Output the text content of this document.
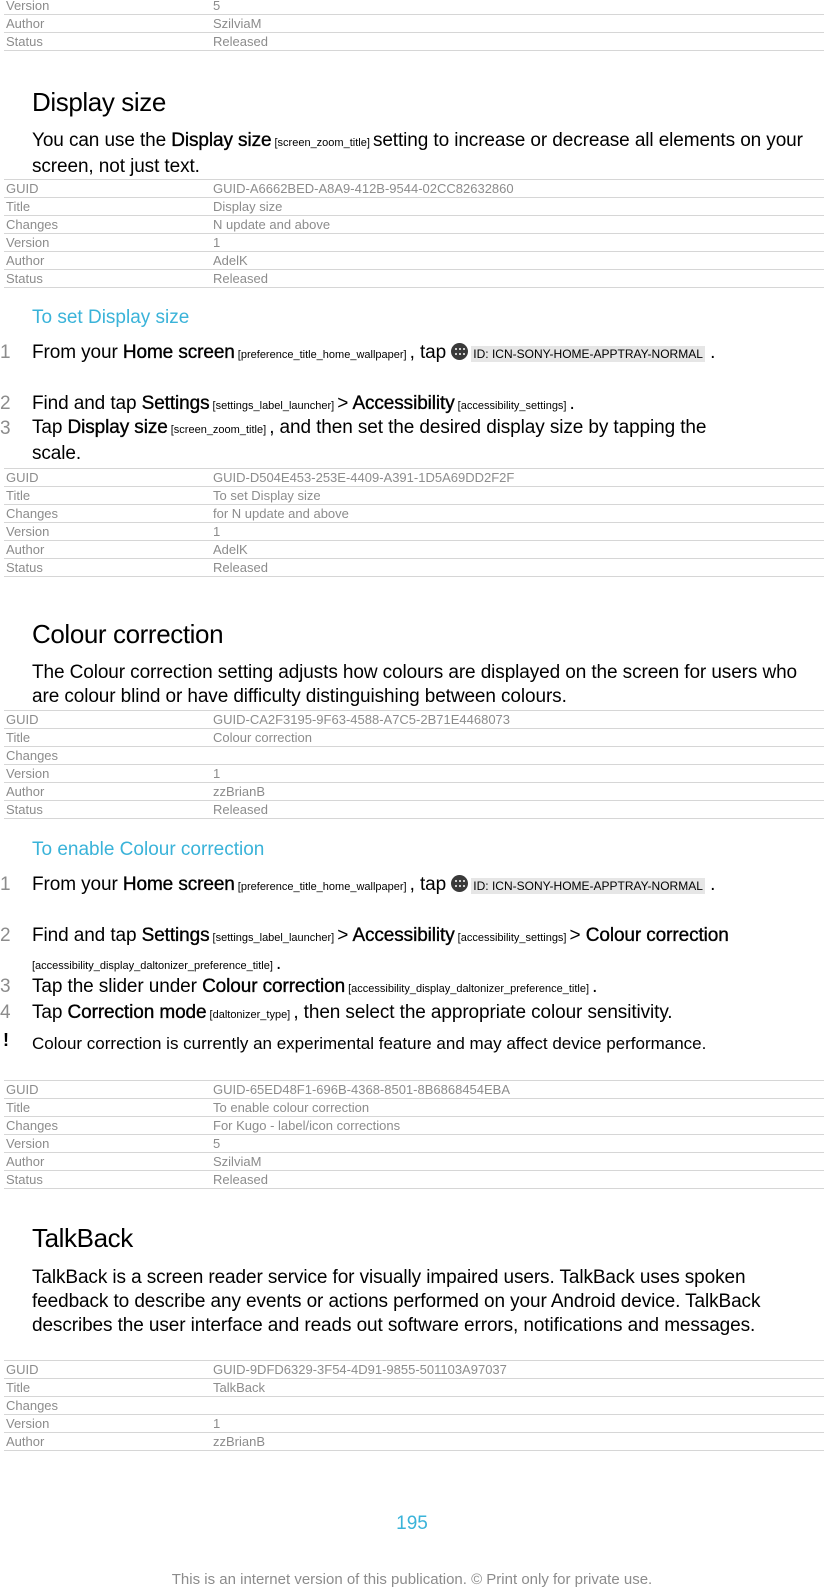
Version	5
Author	SzilviaM
Status	Released
Display size

You can use the Display size [screen_zoom_title] setting to increase or decrease all elements on your screen, not just text.

GUID	GUID-A6662BED-A8A9-412B-9544-02CC82632860
Title	Display size
Changes	N update and above
Version	1
Author	AdelK
Status	Released
To set Display size
1 From your Home screen [preference_title_home_wallpaper] , tap
ID: ICN-SONY-HOME-APPTRAY-NORMAL .

2 Find and tap Settings [settings_label_launcher] > Accessibility [accessibility_settings] .

3 Tap Display size [screen_zoom_title] , and then set the desired display size by tapping the scale.

GUID	GUID-D504E453-253E-4409-A391-1D5A69DD2F2F
Title	To set Display size
Changes	for N update and above
Version	1
Author	AdelK
Status	Released
Colour correction

The Colour correction setting adjusts how colours are displayed on the screen for users who are colour blind or have difficulty distinguishing between colours.

GUID	GUID-CA2F3195-9F63-4588-A7C5-2B71E4468073
Title	Colour correction
Changes
Version	1
Author	zzBrianB
Status	Released
To enable Colour correction
1 From your Home screen [preference_title_home_wallpaper] , tap
ID: ICN-SONY-HOME-APPTRAY-NORMAL .

2 Find and tap Settings [settings_label_launcher] > Accessibility [accessibility_settings] > Colour correction [accessibility_display_daltonizer_preference_title] .

3 Tap the slider under Colour correction [accessibility_display_daltonizer_preference_title] .

4 Tap Correction mode [daltonizer_type] , then select the appropriate colour sensitivity.

! Colour correction is currently an experimental feature and may affect device performance.

GUID	GUID-65ED48F1-696B-4368-8501-8B6868454EBA
Title	To enable colour correction
Changes	For Kugo - label/icon corrections
Version	5
Author	SzilviaM
Status	Released
TalkBack

TalkBack is a screen reader service for visually impaired users. TalkBack uses spoken feedback to describe any events or actions performed on your Android device. TalkBack describes the user interface and reads out software errors, notifications and messages.

GUID	GUID-9DFD6329-3F54-4D91-9855-501103A97037
Title	TalkBack
Changes
Version	1
Author	zzBrianB
195
This is an internet version of this publication. © Print only for private use.
